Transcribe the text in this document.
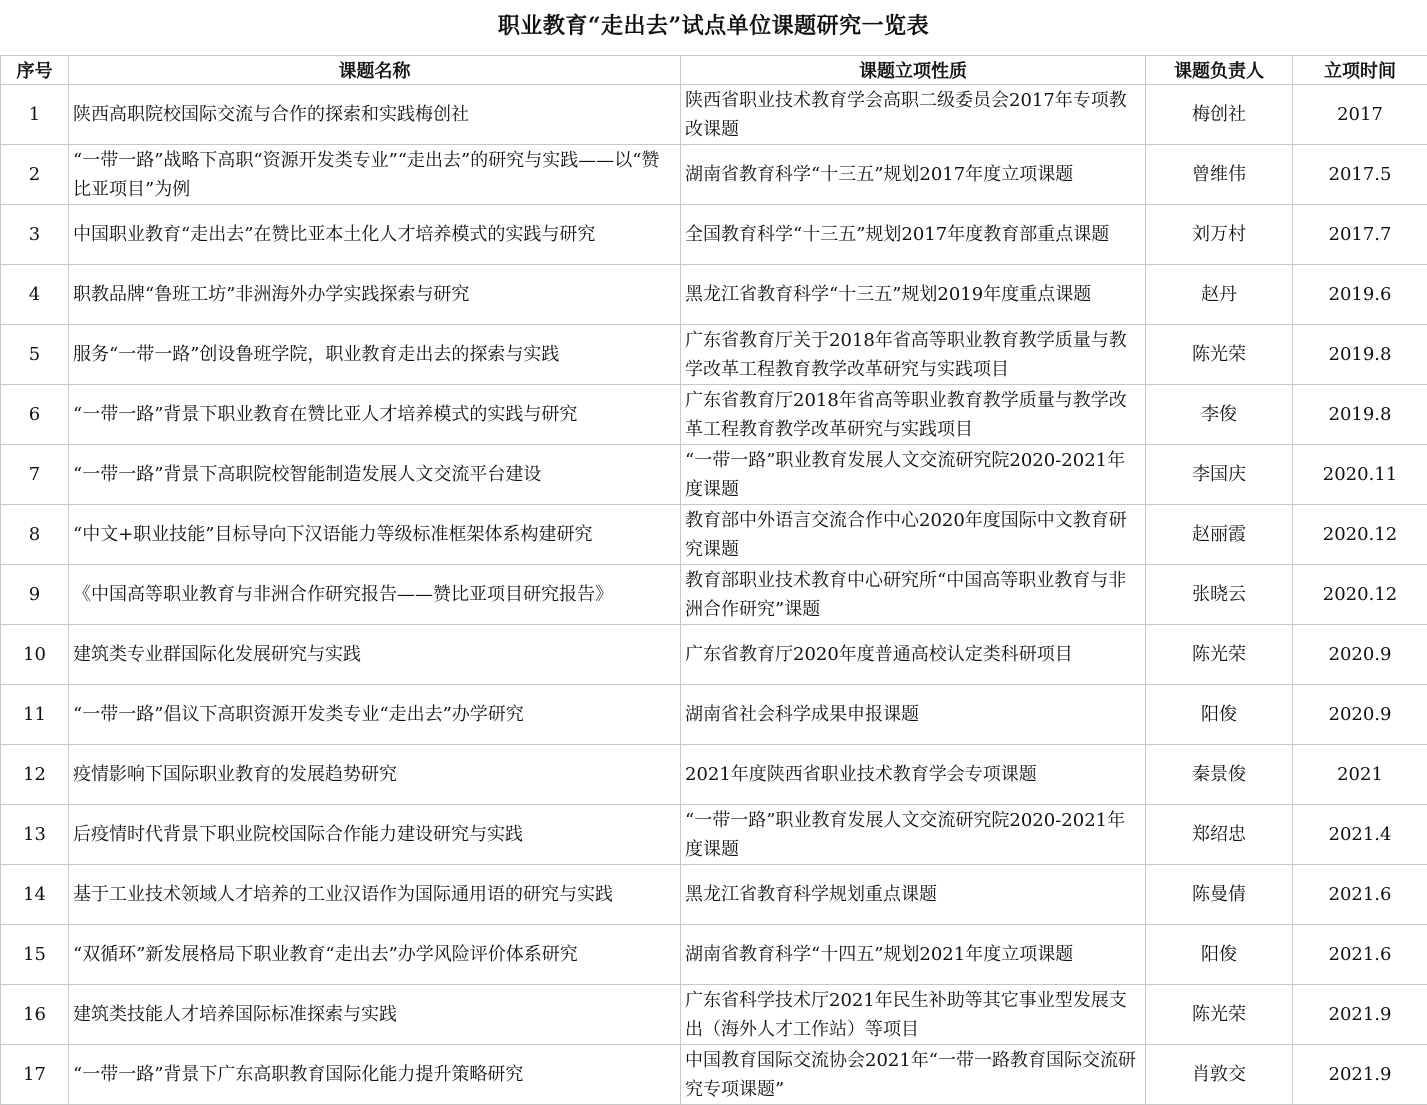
职业教育“走出去”试点单位课题研究一览表
序号	课题名称	课题立项性质	课题负责人	立项时间
1	陕西高职院校国际交流与合作的探索和实践梅创社	陕西省职业技术教育学会高职二级委员会2017年专项教改课题	梅创社	2017
2	“一带一路”战略下高职“资源开发类专业”“走出去”的研究与实践——以“赞比亚项目”为例	湖南省教育科学“十三五”规划2017年度立项课题	曾维伟	2017.5
3	中国职业教育“走出去”在赞比亚本土化人才培养模式的实践与研究	全国教育科学“十三五”规划2017年度教育部重点课题	刘万村	2017.7
4	职教品牌“鲁班工坊”非洲海外办学实践探索与研究	黑龙江省教育科学“十三五”规划2019年度重点课题	赵丹	2019.6
5	服务“一带一路”创设鲁班学院，职业教育走出去的探索与实践	广东省教育厅关于2018年省高等职业教育教学质量与教学改革工程教育教学改革研究与实践项目	陈光荣	2019.8
6	“一带一路”背景下职业教育在赞比亚人才培养模式的实践与研究	广东省教育厅2018年省高等职业教育教学质量与教学改革工程教育教学改革研究与实践项目	李俊	2019.8
7	“一带一路”背景下高职院校智能制造发展人文交流平台建设	“一带一路”职业教育发展人文交流研究院2020-2021年度课题	李国庆	2020.11
8	“中文+职业技能”目标导向下汉语能力等级标准框架体系构建研究	教育部中外语言交流合作中心2020年度国际中文教育研究课题	赵丽霞	2020.12
9	《中国高等职业教育与非洲合作研究报告——赞比亚项目研究报告》	教育部职业技术教育中心研究所“中国高等职业教育与非洲合作研究”课题	张晓云	2020.12
10	建筑类专业群国际化发展研究与实践	广东省教育厅2020年度普通高校认定类科研项目	陈光荣	2020.9
11	“一带一路”倡议下高职资源开发类专业“走出去”办学研究	湖南省社会科学成果申报课题	阳俊	2020.9
12	疫情影响下国际职业教育的发展趋势研究	2021年度陕西省职业技术教育学会专项课题	秦景俊	2021
13	后疫情时代背景下职业院校国际合作能力建设研究与实践	“一带一路”职业教育发展人文交流研究院2020-2021年度课题	郑绍忠	2021.4
14	基于工业技术领域人才培养的工业汉语作为国际通用语的研究与实践	黑龙江省教育科学规划重点课题	陈曼倩	2021.6
15	“双循环”新发展格局下职业教育“走出去”办学风险评价体系研究	湖南省教育科学“十四五”规划2021年度立项课题	阳俊	2021.6
16	建筑类技能人才培养国际标准探索与实践	广东省科学技术厅2021年民生补助等其它事业型发展支出（海外人才工作站）等项目	陈光荣	2021.9
17	“一带一路”背景下广东高职教育国际化能力提升策略研究	中国教育国际交流协会2021年“一带一路教育国际交流研究专项课题”	肖敦交	2021.9
